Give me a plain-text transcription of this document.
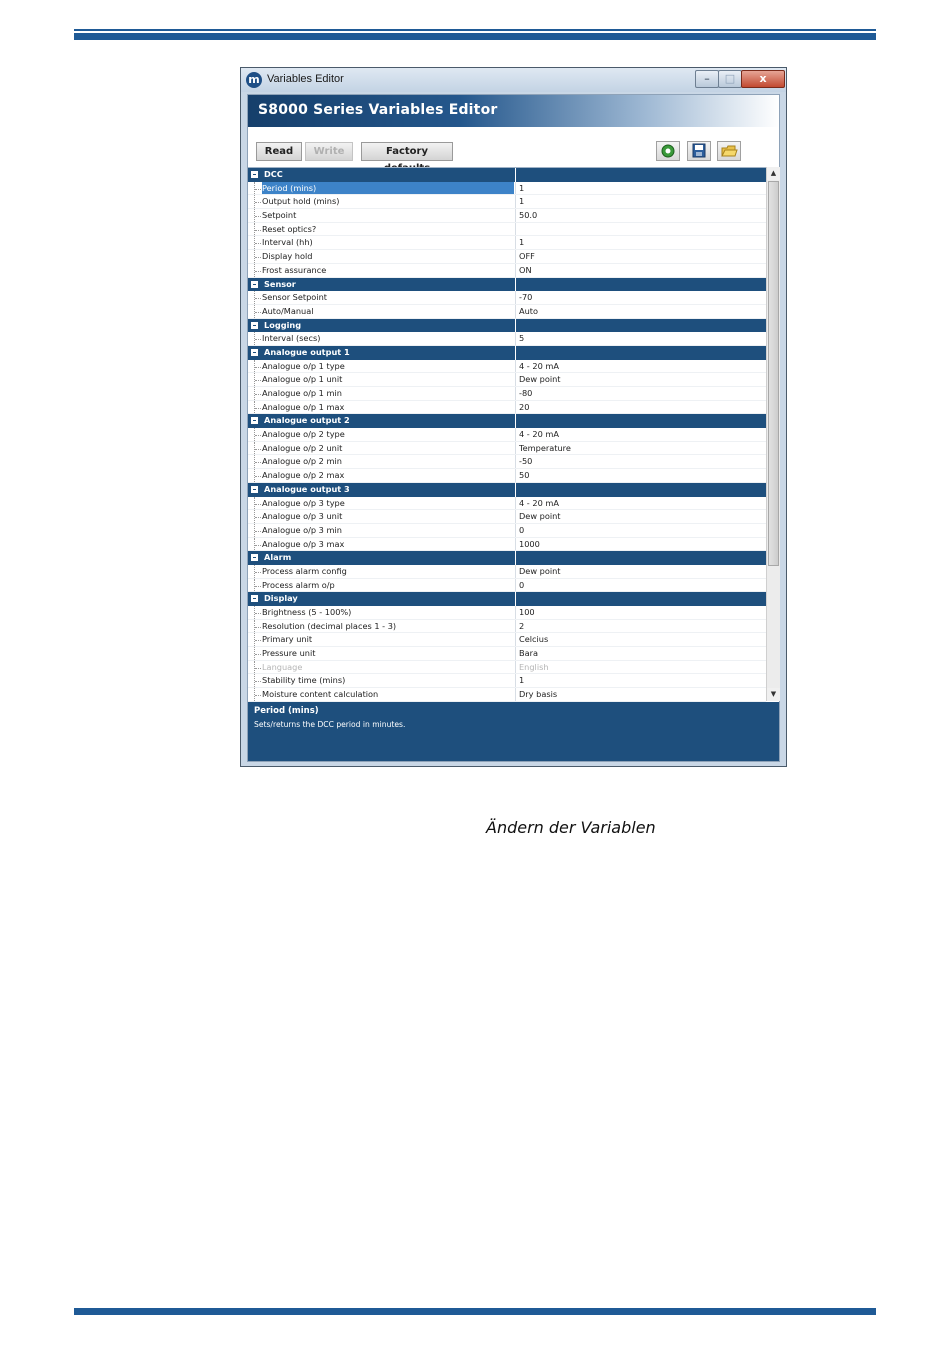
m Variables Editor	–	□	x
S8000 Series Variables Editor
Read	Write	Factory
DCC
Period (mins)	1
Output hold (mins)	1
Setpoint	50.0
Reset optics?
Interval (hh)	1
Display hold	OFF
Frost assurance	ON
Sensor
Sensor Setpoint	-70
Auto/Manual	Auto
Logging
Interval (secs)	5
Analogue output 1
Analogue o/p 1 type	4 - 20 mA
Analogue o/p 1 unit	Dew point
Analogue o/p 1 min	-80
Analogue o/p 1 max	20
Analogue output 2
Analogue o/p 2 type	4 - 20 mA
Analogue o/p 2 unit	Temperature
Analogue o/p 2 min	-50
Analogue o/p 2 max	50
Analogue output 3
Analogue o/p 3 type	4 - 20 mA
Analogue o/p 3 unit	Dew point
Analogue o/p 3 min	0
Analogue o/p 3 max	1000
Alarm
Process alarm config	Dew point
Process alarm o/p	0
Display
Brightness (5 - 100%)	100
Resolution (decimal places 1 - 3)	2
Primary unit	Celcius
Pressure unit	Bara
Language	English
Stability time (mins)	1
Moisture content calculation	Dry basis
▲
▼
Period (mins)
Sets/returns the DCC period in minutes.
Ändern der Variablen
